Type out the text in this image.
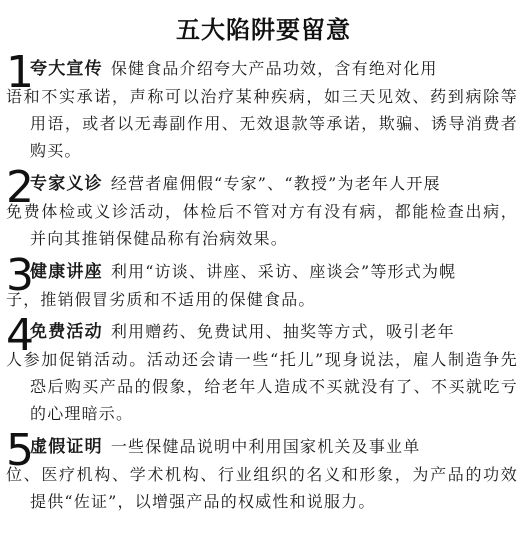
五大陷阱要留意
1
夸大宣传 保健食品介绍夸大产品功效，含有绝对化用
语和不实承诺，声称可以治疗某种疾病，如三天见效、药到病除等用语，或者以无毒副作用、无效退款等承诺，欺骗、诱导消费者购买。
2
专家义诊 经营者雇佣假“专家”、“教授”为老年人开展
免费体检或义诊活动，体检后不管对方有没有病，都能检查出病，并向其推销保健品称有治病效果。
3
健康讲座 利用“访谈、讲座、采访、座谈会”等形式为幌
子，推销假冒劣质和不适用的保健食品。
4
免费活动 利用赠药、免费试用、抽奖等方式，吸引老年
人参加促销活动。活动还会请一些“托儿”现身说法，雇人制造争先恐后购买产品的假象，给老年人造成不买就没有了、不买就吃亏的心理暗示。
5
虚假证明 一些保健品说明中利用国家机关及事业单
位、医疗机构、学术机构、行业组织的名义和形象，为产品的功效提供“佐证”，以增强产品的权威性和说服力。
